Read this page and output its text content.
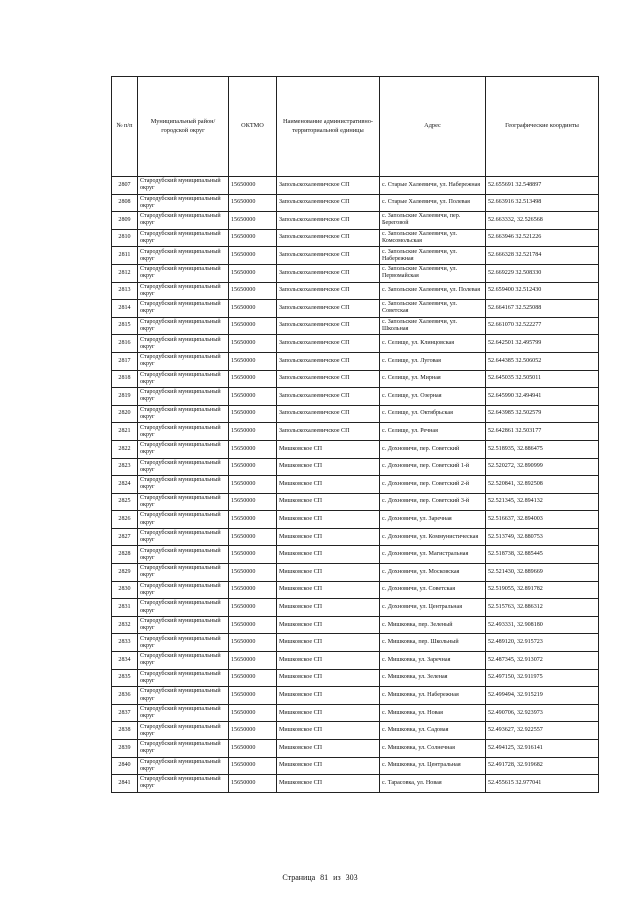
№ п/п	Муниципальный район/городской округ	ОКТМО	Наименование административно-территориальной единицы	Адрес	Географические координты
2807	Стародубский муниципальный округ	15650000	Запольскохалеевичское СП	с. Старые Халеевичи, ул. Набережная	52.655691 32.548897
2808	Стародубский муниципальный округ	15650000	Запольскохалеевичское СП	с. Старые Халеевичи, ул. Полевая	52.663916 32.513498
2809	Стародубский муниципальный округ	15650000	Запольскохалеевичское СП	с. Запольские Халеевичи, пер. Береговой	52.663332, 32.526568
2810	Стародубский муниципальный округ	15650000	Запольскохалеевичское СП	с. Запольские Халеевичи, ул. Комсомольская	52.663946 32.521226
2811	Стародубский муниципальный округ	15650000	Запольскохалеевичское СП	с. Запольские Халеевичи, ул. Набережная	52.666328 32.521784
2812	Стародубский муниципальный округ	15650000	Запольскохалеевичское СП	с. Запольские Халеевичи, ул. Первомайская	52.669229 32.508330
2813	Стародубский муниципальный округ	15650000	Запольскохалеевичское СП	с. Запольские Халеевичи, ул. Полевая	52.659400 32.512430
2814	Стародубский муниципальный округ	15650000	Запольскохалеевичское СП	с. Запольские Халеевичи, ул. Советская	52.664167 32.525088
2815	Стародубский муниципальный округ	15650000	Запольскохалеевичское СП	с. Запольские Халеевичи, ул. Школьная	52.661070 32.522277
2816	Стародубский муниципальный округ	15650000	Запольскохалеевичское СП	с. Селище, ул. Клинцовская	52.642501 32.495799
2817	Стародубский муниципальный округ	15650000	Запольскохалеевичское СП	с. Селище, ул. Луговая	52.644385 32.506052
2818	Стародубский муниципальный округ	15650000	Запольскохалеевичское СП	с. Селище, ул. Мирная	52.645035 32.505011
2819	Стародубский муниципальный округ	15650000	Запольскохалеевичское СП	с. Селище, ул. Озерная	52.645990 32.494941
2820	Стародубский муниципальный округ	15650000	Запольскохалеевичское СП	с. Селище, ул. Октябрьская	52.643985 32.502579
2821	Стародубский муниципальный округ	15650000	Запольскохалеевичское СП	с. Селище, ул. Речная	52.642861 32.503177
2822	Стародубский муниципальный округ	15650000	Мишковское СП	с. Дохновичи, пер. Советский	52.518935, 32.886475
2823	Стародубский муниципальный округ	15650000	Мишковское СП	с. Дохновичи, пер. Советский 1-й	52.520272, 32.890999
2824	Стародубский муниципальный округ	15650000	Мишковское СП	с. Дохновичи, пер. Советский 2-й	52.520841, 32.892508
2825	Стародубский муниципальный округ	15650000	Мишковское СП	с. Дохновичи, пер. Советский 3-й	52.521345, 32.894132
2826	Стародубский муниципальный округ	15650000	Мишковское СП	с. Дохновичи, ул. Заречная	52.516637, 32.894003
2827	Стародубский муниципальный округ	15650000	Мишковское СП	с. Дохновичи, ул. Коммунистическая	52.513749, 32.880753
2828	Стародубский муниципальный округ	15650000	Мишковское СП	с. Дохновичи, ул. Магистральная	52.518738, 32.885445
2829	Стародубский муниципальный округ	15650000	Мишковское СП	с. Дохновичи, ул. Московская	52.521430, 32.889669
2830	Стародубский муниципальный округ	15650000	Мишковское СП	с. Дохновичи, ул. Советская	52.519055, 32.891782
2831	Стародубский муниципальный округ	15650000	Мишковское СП	с. Дохновичи, ул. Центральная	52.515763, 32.886312
2832	Стародубский муниципальный округ	15650000	Мишковское СП	с. Мишковка, пер. Зеленый	52.493331, 32.908180
2833	Стародубский муниципальный округ	15650000	Мишковское СП	с. Мишковка, пер. Школьный	52.489120, 32.915723
2834	Стародубский муниципальный округ	15650000	Мишковское СП	с. Мишковка, ул. Заречная	52.487345, 32.913072
2835	Стародубский муниципальный округ	15650000	Мишковское СП	с. Мишковка, ул. Зеленая	52.497150, 32.911975
2836	Стародубский муниципальный округ	15650000	Мишковское СП	с. Мишковка, ул. Набережная	52.499494, 32.915219
2837	Стародубский муниципальный округ	15650000	Мишковское СП	с. Мишковка, ул. Новая	52.490706, 32.923973
2838	Стародубский муниципальный округ	15650000	Мишковское СП	с. Мишковка, ул. Садовая	52.493627, 32.922557
2839	Стародубский муниципальный округ	15650000	Мишковское СП	с. Мишковка, ул. Солнечная	52.494125, 32.916141
2840	Стародубский муниципальный округ	15650000	Мишковское СП	с. Мишковка, ул. Центральная	52.491728, 32.919682
2841	Стародубский муниципальный округ	15650000	Мишковское СП	с. Тарасовка, ул. Новая	52.455615 32.977041
Страница 81 из 303
